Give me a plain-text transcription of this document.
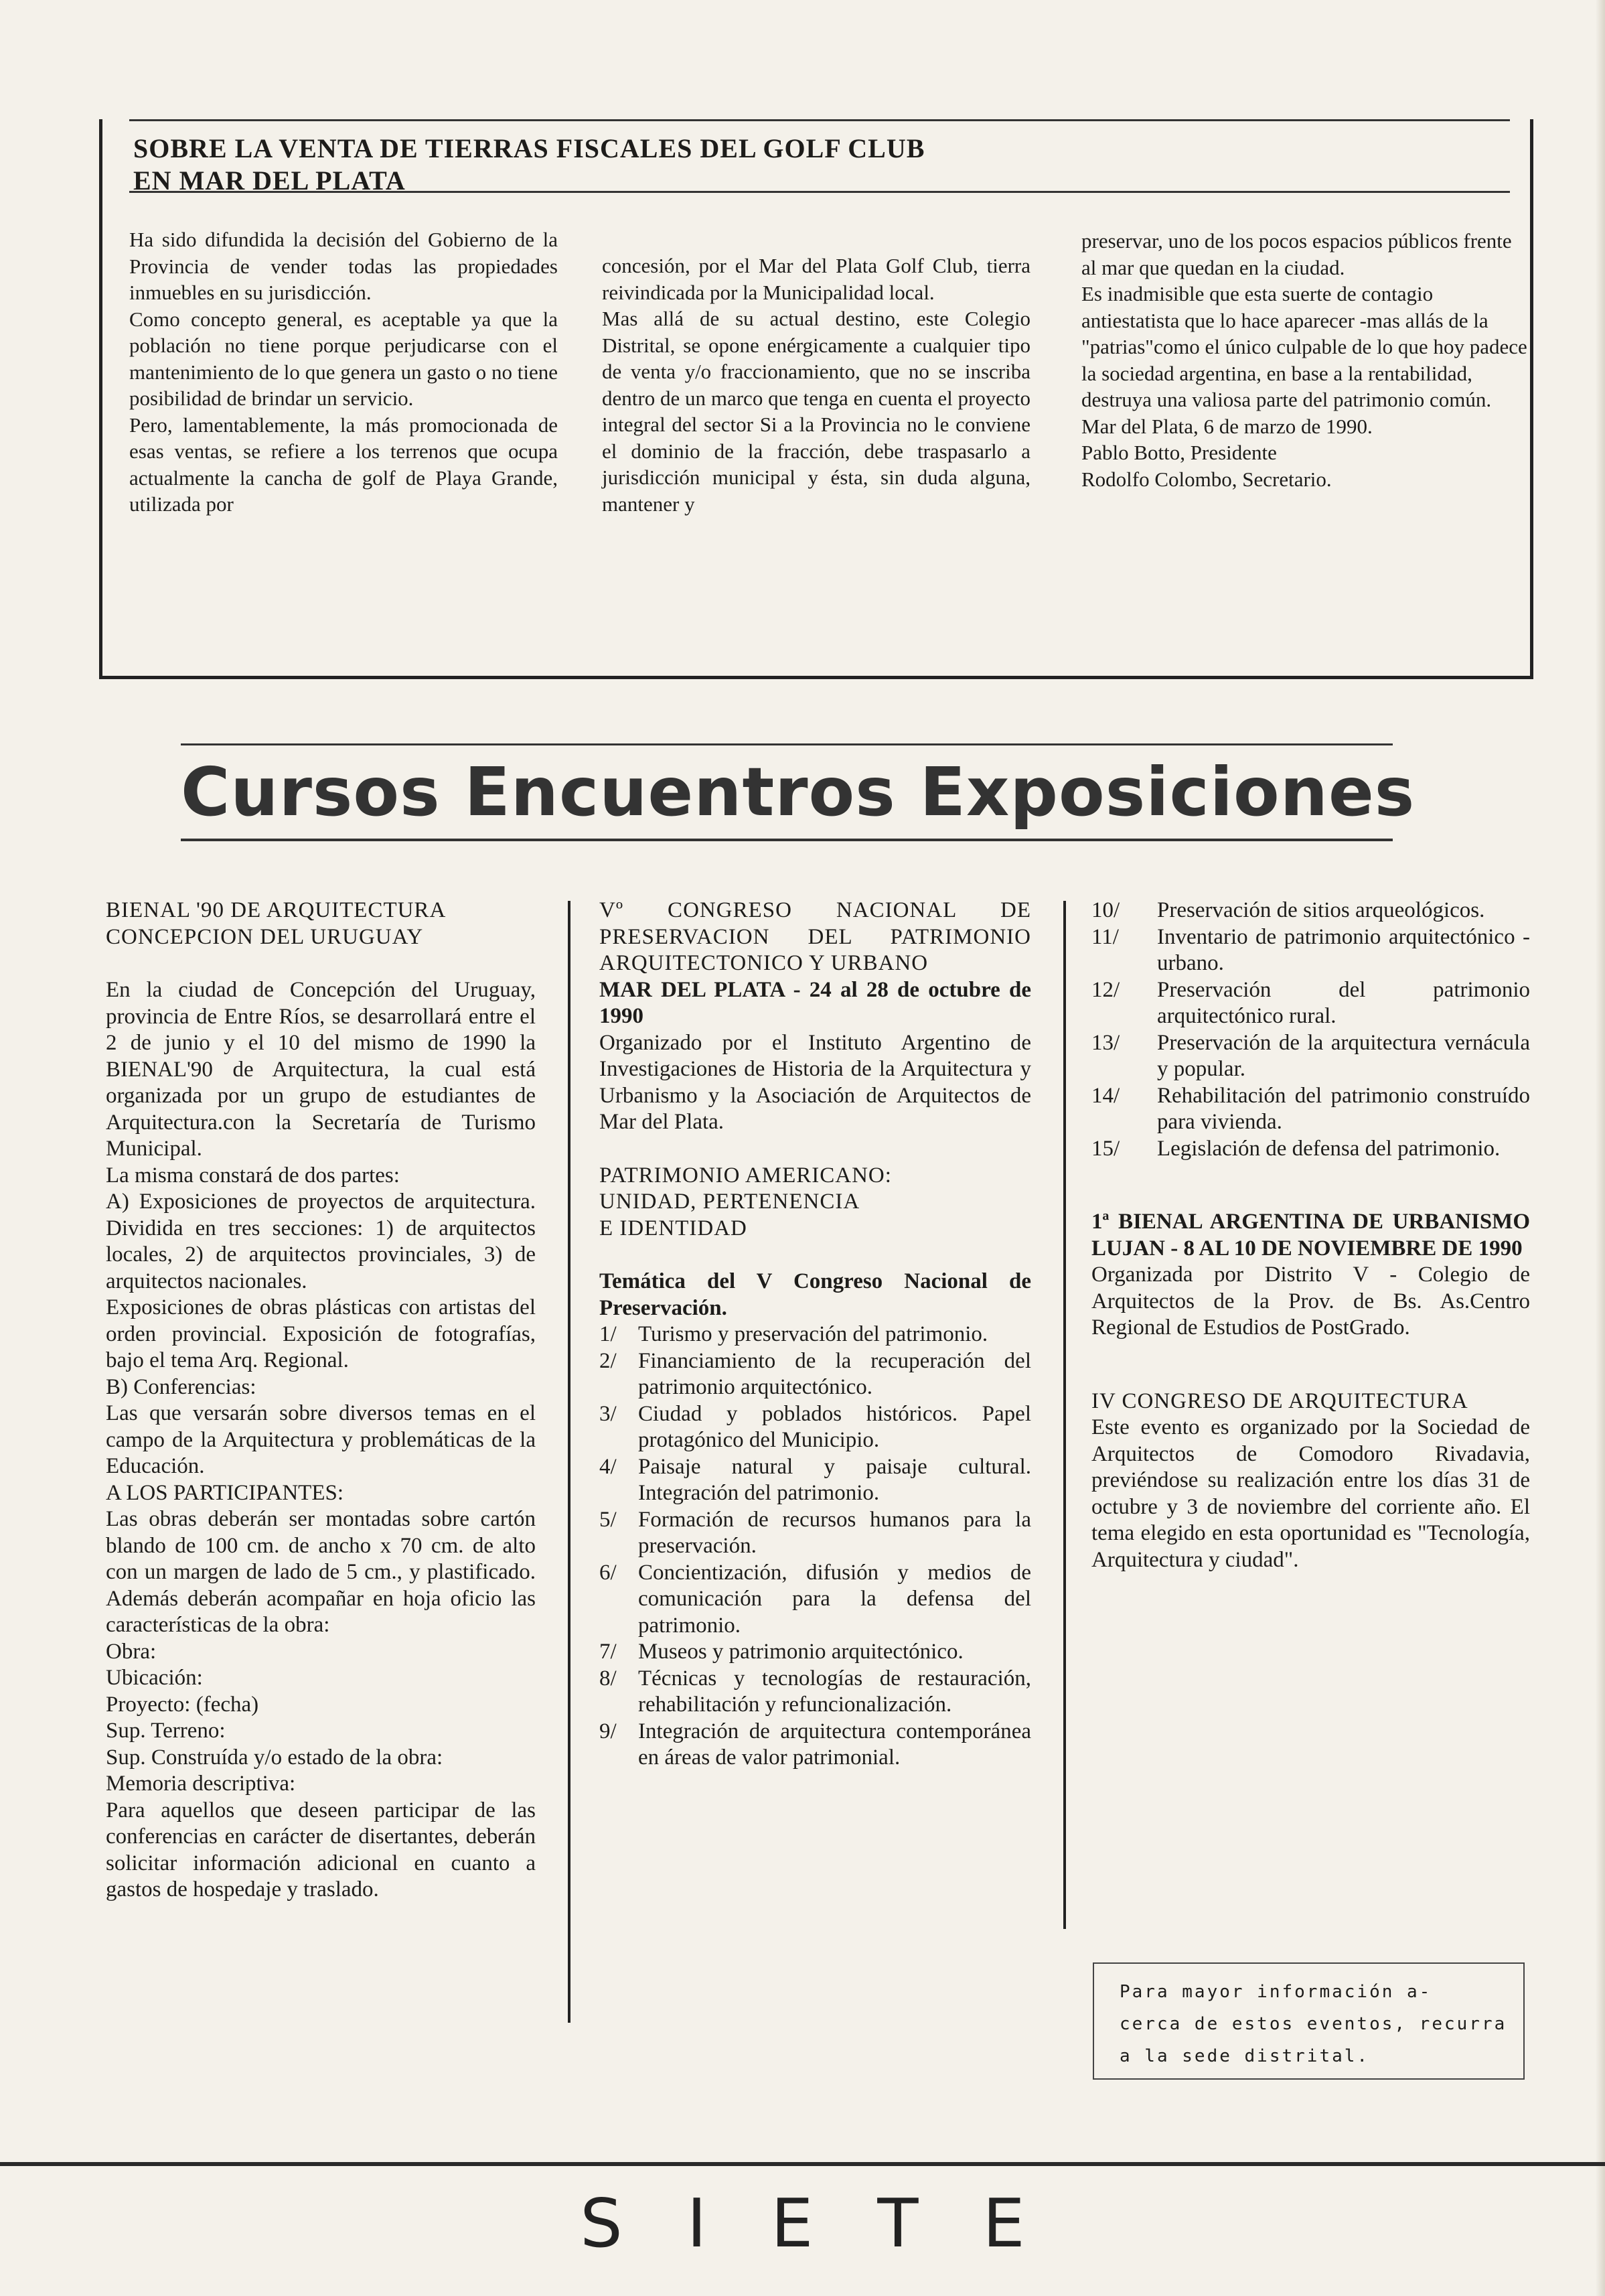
SOBRE LA VENTA DE TIERRAS FISCALES DEL GOLF CLUB
EN MAR DEL PLATA

Ha sido difundida la decisión del Gobierno de la Provincia de vender todas las propiedades inmuebles en su jurisdicción.

Como concepto general, es aceptable ya que la población no tiene porque perjudicarse con el mantenimiento de lo que genera un gasto o no tiene posibilidad de brindar un servicio.

Pero, lamentablemente, la más promocionada de esas ventas, se refiere a los terrenos que ocupa actualmente la cancha de golf de Playa Grande, utilizada por

concesión, por el Mar del Plata Golf Club, tierra reivindicada por la Municipalidad local.

Mas allá de su actual destino, este Colegio Distrital, se opone enérgicamente a cualquier tipo de venta y/o fraccionamiento, que no se inscriba dentro de un marco que tenga en cuenta el proyecto integral del sector Si a la Provincia no le conviene el dominio de la fracción, debe traspasarlo a jurisdicción municipal y ésta, sin duda alguna, mantener y

preservar, uno de los pocos espacios públicos frente al mar que quedan en la ciudad.

Es inadmisible que esta suerte de contagio antiestatista que lo hace aparecer -mas allás de la "patrias"como el único culpable de lo que hoy padece la sociedad argentina, en base a la rentabilidad, destruya una valiosa parte del patrimonio común.

Mar del Plata, 6 de marzo de 1990.

Pablo Botto, Presidente

Rodolfo Colombo, Secretario.

Cursos Encuentros Exposiciones

BIENAL '90 DE ARQUITECTURA

CONCEPCION DEL URUGUAY

En la ciudad de Concepción del Uruguay, provincia de Entre Ríos, se desarrollará entre el 2 de junio y el 10 del mismo de 1990 la BIENAL'90 de Arquitectura, la cual está organizada por un grupo de estudiantes de Arquitectura.con la Secretaría de Turismo Municipal.

La misma constará de dos partes:

A) Exposiciones de proyectos de arquitectura. Dividida en tres secciones: 1) de arquitectos locales, 2) de arquitectos provinciales, 3) de arquitectos nacionales.

Exposiciones de obras plásticas con artistas del orden provincial. Exposición de fotografías, bajo el tema Arq. Regional.

B) Conferencias:

Las que versarán sobre diversos temas en el campo de la Arquitectura y problemáticas de la Educación.

A LOS PARTICIPANTES:

Las obras deberán ser montadas sobre cartón blando de 100 cm. de ancho x 70 cm. de alto con un margen de lado de 5 cm., y plastificado. Además deberán acompañar en hoja oficio las características de la obra:

Obra:

Ubicación:

Proyecto: (fecha)

Sup. Terreno:

Sup. Construída y/o estado de la obra:

Memoria descriptiva:

Para aquellos que deseen participar de las conferencias en carácter de disertantes, deberán solicitar información adicional en cuanto a gastos de hospedaje y traslado.

Vº CONGRESO NACIONAL DE PRESERVACION DEL PATRIMONIO ARQUITECTONICO Y URBANO

MAR DEL PLATA - 24 al 28 de octubre de 1990

Organizado por el Instituto Argentino de Investigaciones de Historia de la Arquitectura y Urbanismo y la Asociación de Arquitectos de Mar del Plata.

PATRIMONIO AMERICANO:

UNIDAD, PERTENENCIA

E IDENTIDAD

Temática del V Congreso Nacional de Preservación.

1/ Turismo y preservación del patrimonio.
2/ Financiamiento de la recuperación del patrimonio arquitectónico.
3/ Ciudad y poblados históricos. Papel protagónico del Municipio.
4/ Paisaje natural y paisaje cultural. Integración del patrimonio.
5/ Formación de recursos humanos para la preservación.
6/ Concientización, difusión y medios de comunicación para la defensa del patrimonio.
7/ Museos y patrimonio arquitectónico.
8/ Técnicas y tecnologías de restauración, rehabilitación y refuncionalización.
9/ Integración de arquitectura contemporánea en áreas de valor patrimonial.
10/	Preservación de sitios arqueológicos.
11/	Inventario de patrimonio arquitectónico - urbano.
12/	Preservación del patrimonio arquitectónico rural.
13/	Preservación de la arquitectura vernácula y popular.
14/	Rehabilitación del patrimonio construído para vivienda.
15/	Legislación de defensa del patrimonio.

1ª BIENAL ARGENTINA DE URBANISMO LUJAN - 8 AL 10 DE NOVIEMBRE DE 1990

Organizada por Distrito V - Colegio de Arquitectos de la Prov. de Bs. As.Centro Regional de Estudios de PostGrado.

IV CONGRESO DE ARQUITECTURA

Este evento es organizado por la Sociedad de Arquitectos de Comodoro Rivadavia, previéndose su realización entre los días 31 de octubre y 3 de noviembre del corriente año. El tema elegido en esta oportunidad es "Tecnología, Arquitectura y ciudad".

Para mayor información a-

cerca de estos eventos, recurra

a la sede distrital.

SIETE
